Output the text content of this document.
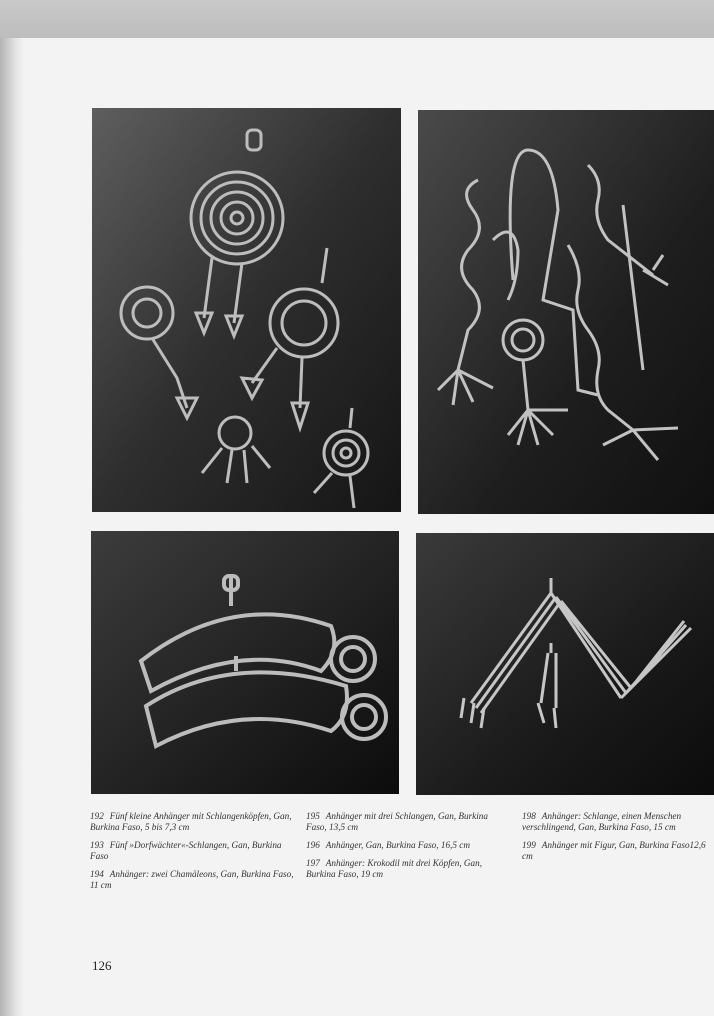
192 Fünf kleine Anhänger mit Schlangenköpfen, Gan, Burkina Faso, 5 bis 7,3 cm

193 Fünf »Dorfwächter«-Schlangen, Gan, Burkina Faso

194 Anhänger: zwei Chamäleons, Gan, Burkina Faso, 11 cm

195 Anhänger mit drei Schlangen, Gan, Burkina Faso, 13,5 cm

196 Anhänger, Gan, Burkina Faso, 16,5 cm

197 Anhänger: Krokodil mit drei Köpfen, Gan, Burkina Faso, 19 cm

198 Anhänger: Schlange, einen Menschen verschlingend, Gan, Burkina Faso, 15 cm

199 Anhänger mit Figur, Gan, Burkina Faso12,6 cm

126
